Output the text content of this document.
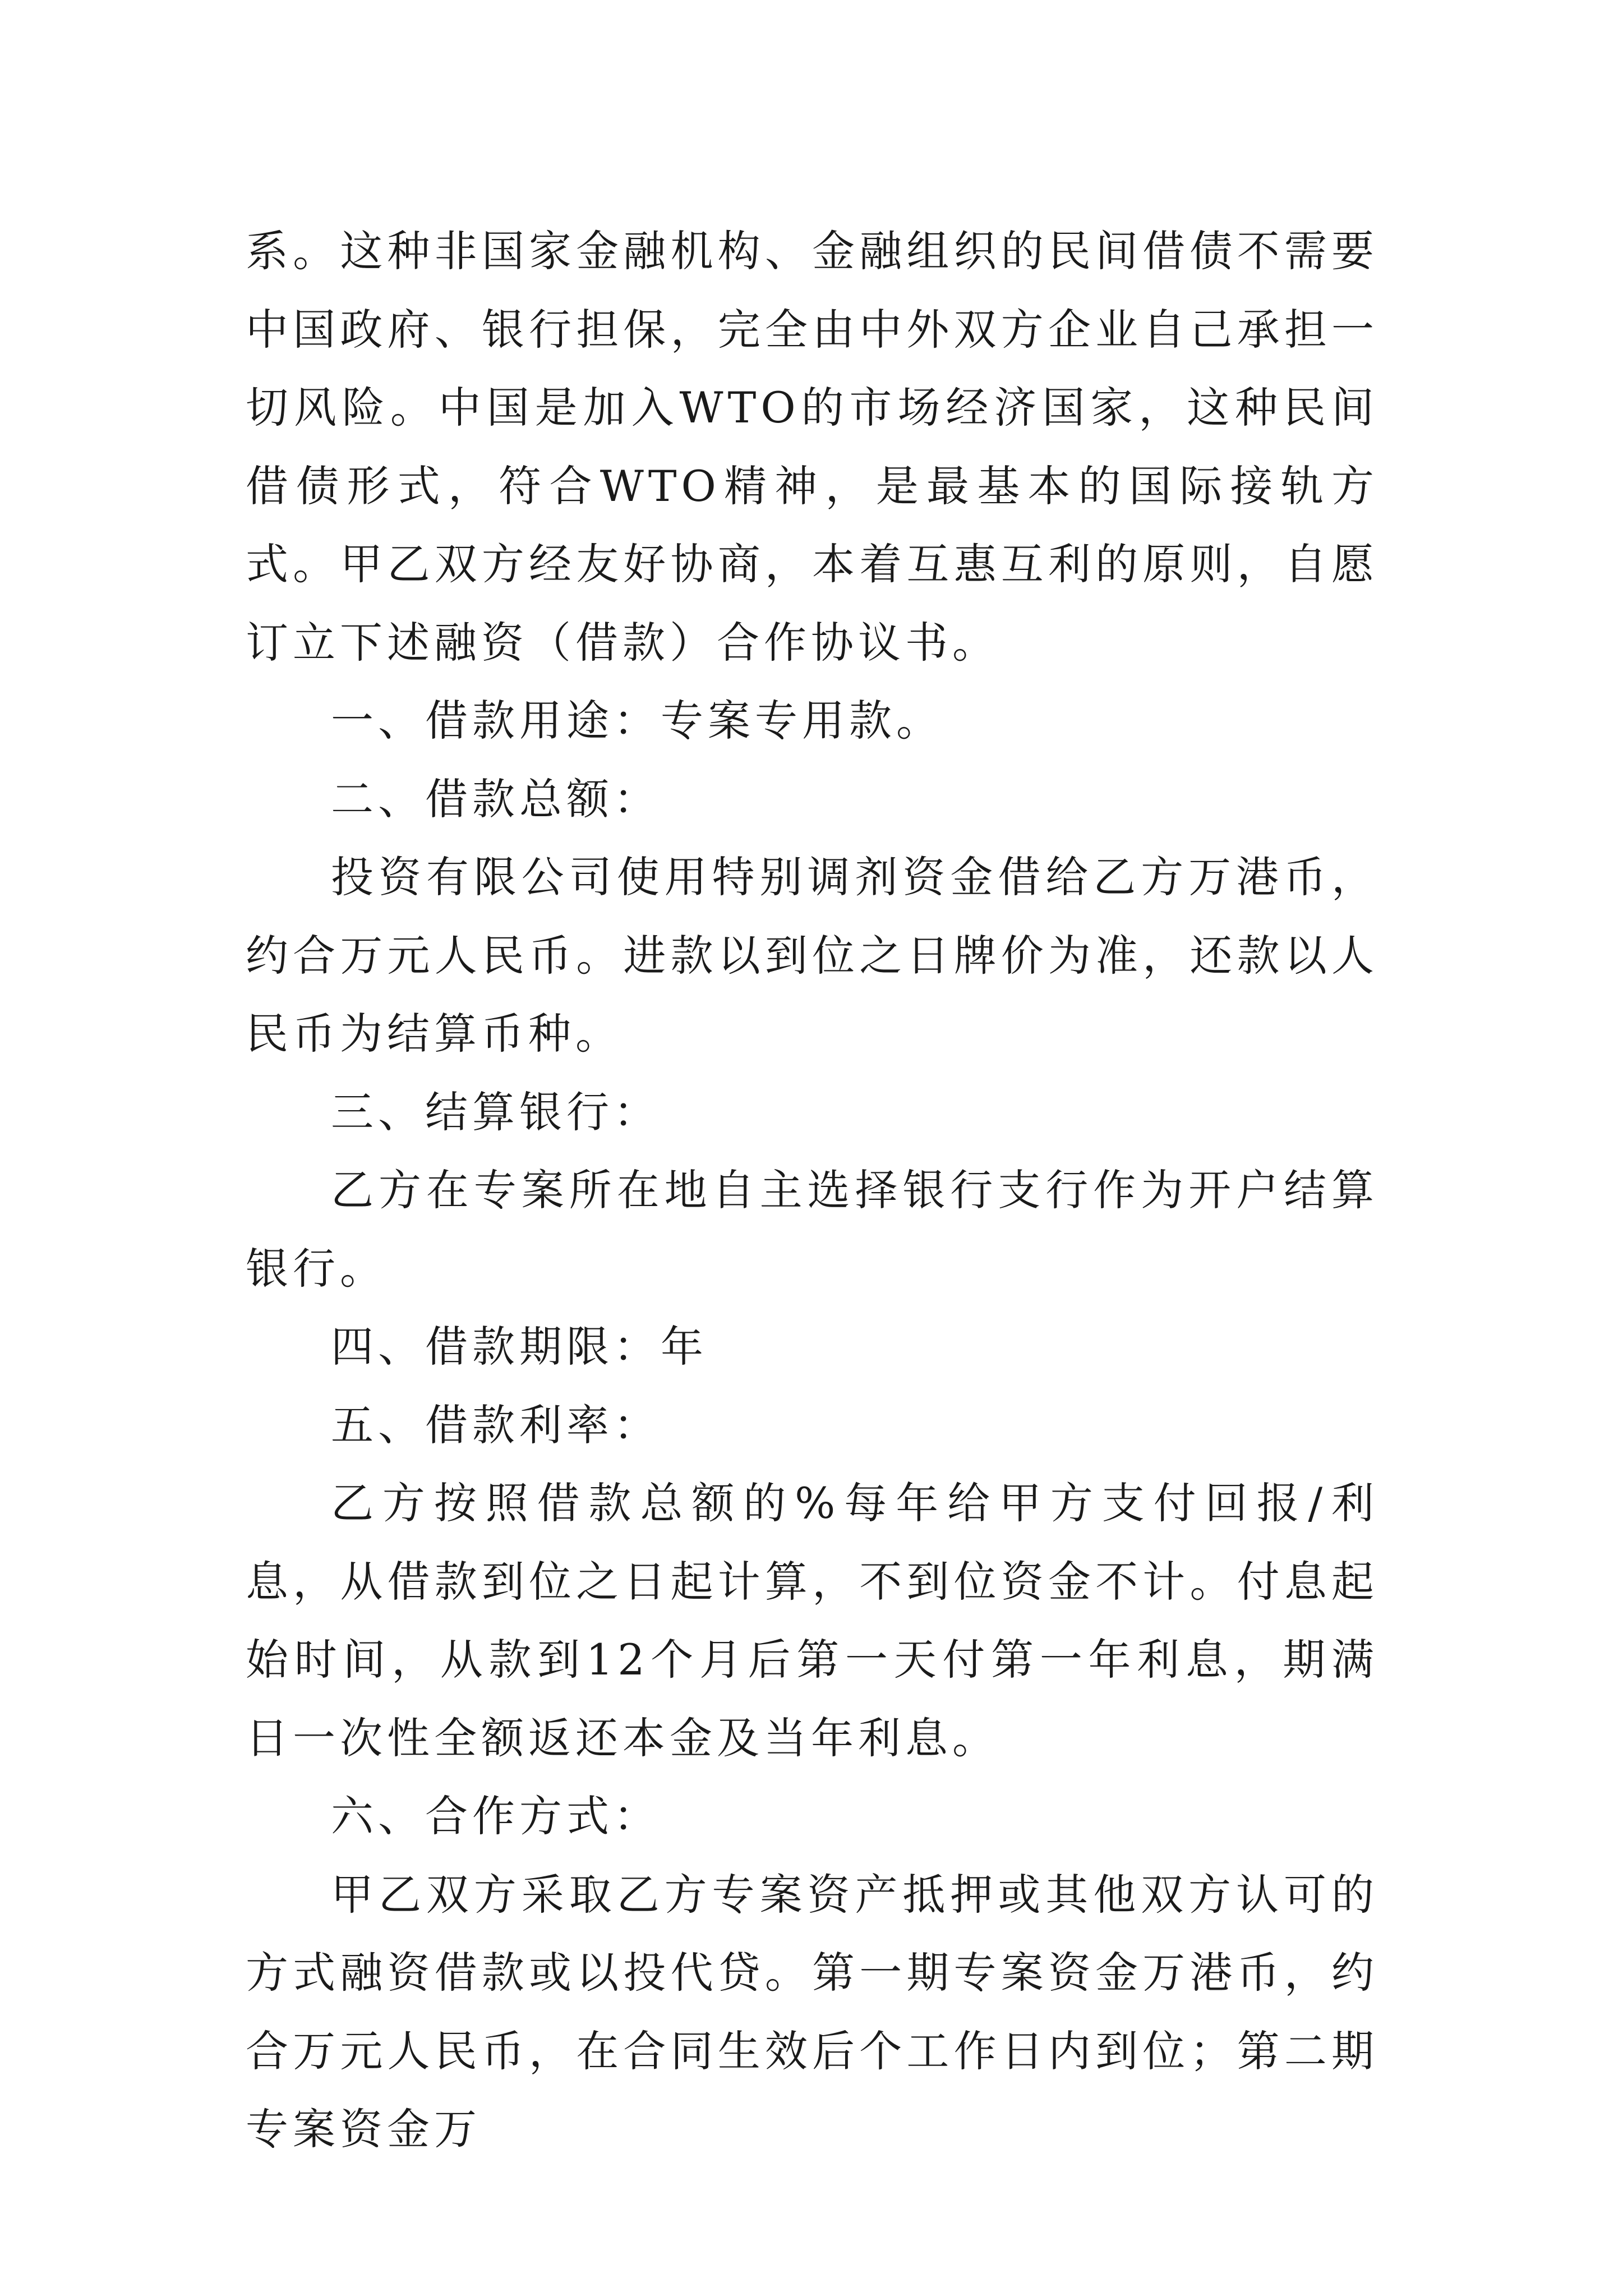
系。这种非国家金融机构、金融组织的民间借债不需要中国政府、银行担保，完全由中外双方企业自己承担一切风险。中国是加入WTO的市场经济国家，这种民间借债形式，符合WTO精神，是最基本的国际接轨方式。甲乙双方经友好协商，本着互惠互利的原则，自愿订立下述融资（借款）合作协议书。

一、借款用途：专案专用款。

二、借款总额：

投资有限公司使用特别调剂资金借给乙方万港币，约合万元人民币。进款以到位之日牌价为准，还款以人民币为结算币种。

三、结算银行：

乙方在专案所在地自主选择银行支行作为开户结算银行。

四、借款期限：年

五、借款利率：

乙方按照借款总额的%每年给甲方支付回报/利息，从借款到位之日起计算，不到位资金不计。付息起始时间，从款到12个月后第一天付第一年利息，期满日一次性全额返还本金及当年利息。

六、合作方式：

甲乙双方采取乙方专案资产抵押或其他双方认可的方式融资借款或以投代贷。第一期专案资金万港币，约合万元人民币，在合同生效后个工作日内到位；第二期专案资金万
